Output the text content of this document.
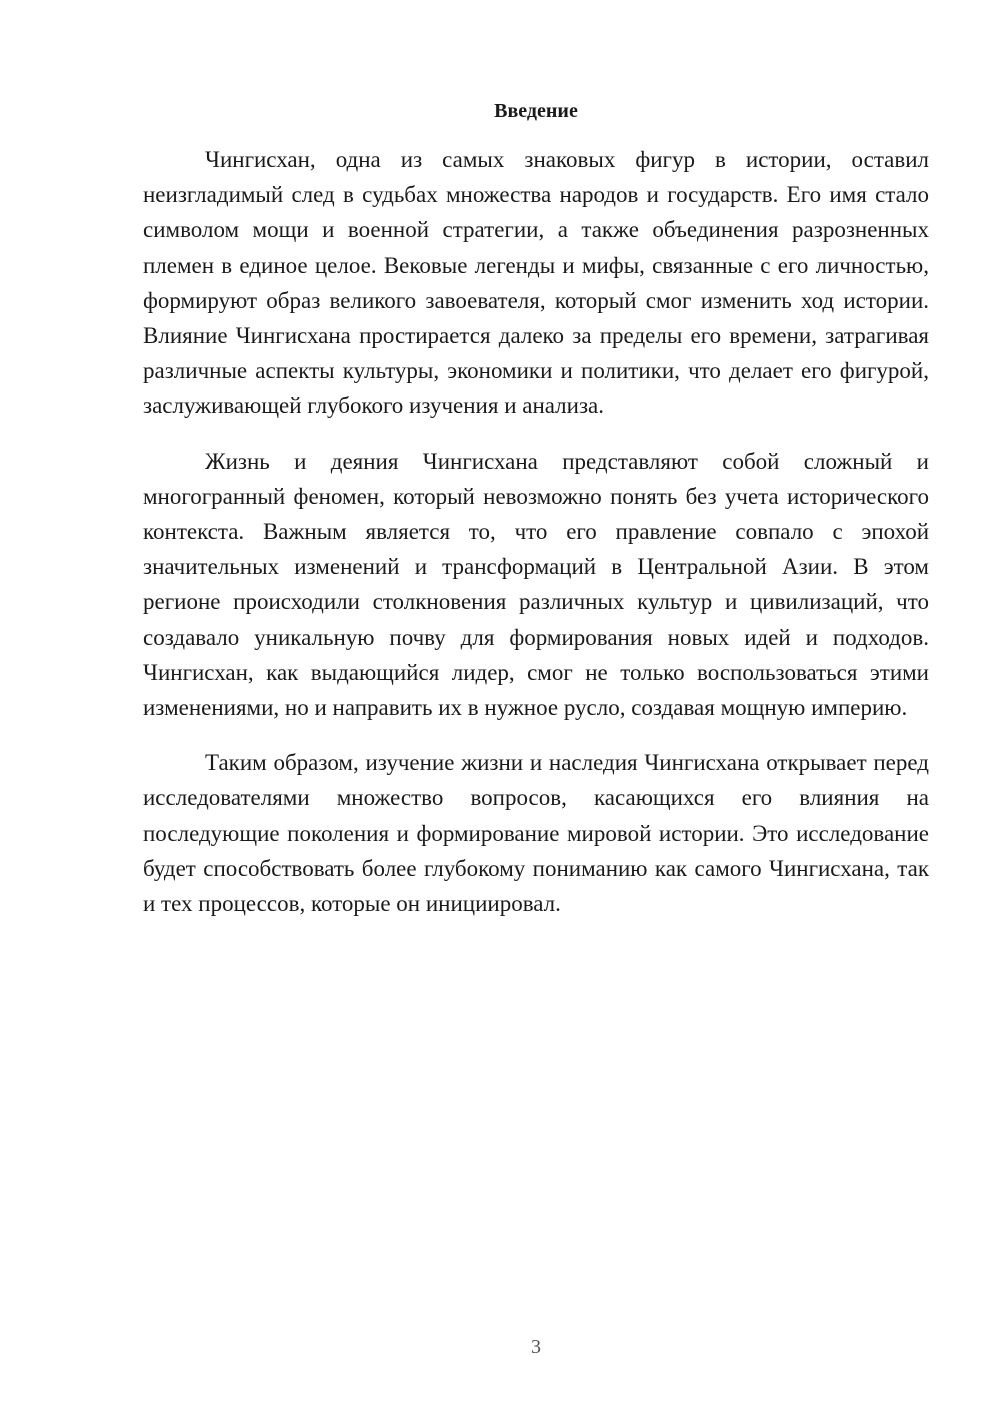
Введение

Чингисхан, одна из самых знаковых фигур в истории, оставил неизгладимый след в судьбах множества народов и государств. Его имя стало символом мощи и военной стратегии, а также объединения разрозненных племен в единое целое. Вековые легенды и мифы, связанные с его личностью, формируют образ великого завоевателя, который смог изменить ход истории. Влияние Чингисхана простирается далеко за пределы его времени, затрагивая различные аспекты культуры, экономики и политики, что делает его фигурой, заслуживающей глубокого изучения и анализа.

Жизнь и деяния Чингисхана представляют собой сложный и многогранный феномен, который невозможно понять без учета исторического контекста. Важным является то, что его правление совпало с эпохой значительных изменений и трансформаций в Центральной Азии. В этом регионе происходили столкновения различных культур и цивилизаций, что создавало уникальную почву для формирования новых идей и подходов. Чингисхан, как выдающийся лидер, смог не только воспользоваться этими изменениями, но и направить их в нужное русло, создавая мощную империю.

Таким образом, изучение жизни и наследия Чингисхана открывает перед исследователями множество вопросов, касающихся его влияния на последующие поколения и формирование мировой истории. Это исследование будет способствовать более глубокому пониманию как самого Чингисхана, так и тех процессов, которые он инициировал.

3
